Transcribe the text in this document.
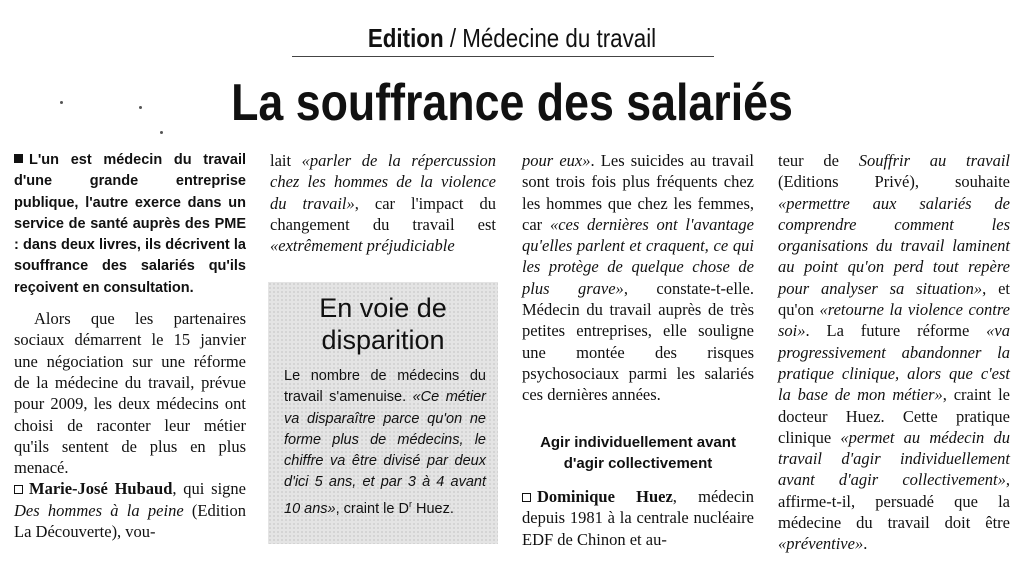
Edition / Médecine du travail
La souffrance des salariés

L'un est médecin du travail d'une grande entreprise publique, l'autre exerce dans un service de santé auprès des PME : dans deux livres, ils décrivent la souffrance des salariés qu'ils reçoivent en consultation.

Alors que les partenaires sociaux démarrent le 15 janvier une négociation sur une réforme de la médecine du travail, prévue pour 2009, les deux médecins ont choisi de raconter leur métier qu'ils sentent de plus en plus menacé.

Marie-José Hubaud, qui signe Des hommes à la peine (Edition La Découverte), vou-

lait «parler de la répercussion chez les hommes de la violence du travail», car l'impact du changement du travail est «extrêmement préjudiciable

En voie de disparition
Le nombre de médecins du travail s'amenuise. «Ce métier va disparaître parce qu'on ne forme plus de médecins, le chiffre va être divisé par deux d'ici 5 ans, et par 3 à 4 avant 10 ans», craint le $D^r$ Huez.

pour eux». Les suicides au travail sont trois fois plus fréquents chez les hommes que chez les femmes, car «ces dernières ont l'avantage qu'elles parlent et craquent, ce qui les protège de quelque chose de plus grave», constate-t-elle. Médecin du travail auprès de très petites entreprises, elle souligne une montée des risques psychosociaux parmi les salariés ces dernières années.

Agir individuellement avant d'agir collectivement

Dominique Huez, médecin depuis 1981 à la centrale nucléaire EDF de Chinon et au-

teur de Souffrir au travail (Editions Privé), souhaite «permettre aux salariés de comprendre comment les organisations du travail laminent au point qu'on perd tout repère pour analyser sa situation», et qu'on «retourne la violence contre soi». La future réforme «va progressivement abandonner la pratique clinique, alors que c'est la base de mon métier», craint le docteur Huez. Cette pratique clinique «permet au médecin du travail d'agir individuellement avant d'agir collectivement», affirme-t-il, persuadé que la médecine du travail doit être «préventive».
